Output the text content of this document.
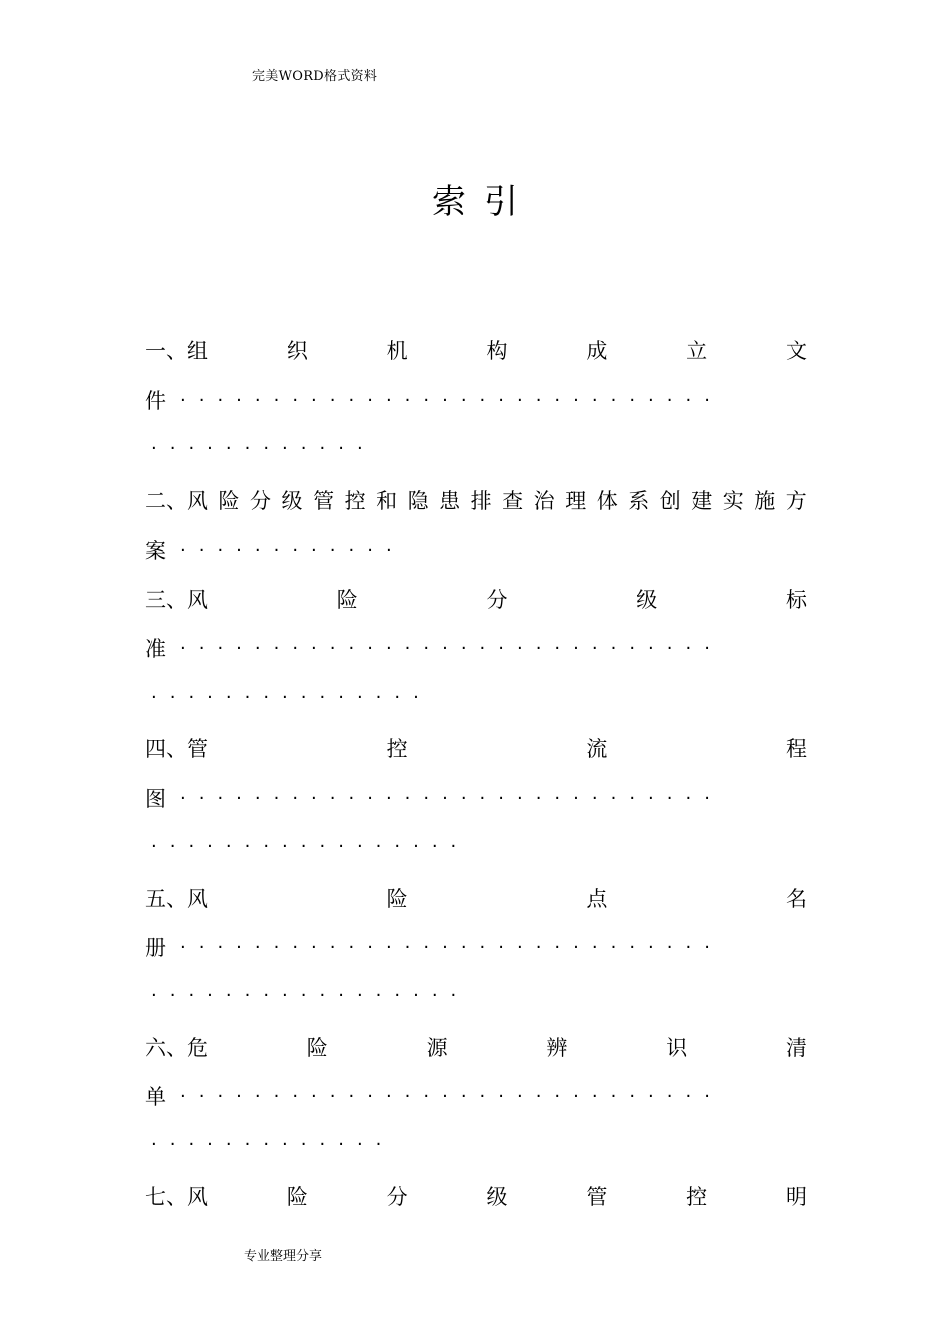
完美WORD格式资料
索引
一、组	织	机	构	成	立	文
件 ·····························
············
二、风 险 分 级 管 控 和 隐 患 排 查 治 理 体 系 创 建 实 施 方
案 ············
三、风	险	分	级	标
准 ·····························
···············
四、管	控	流	程
图 ·····························
·················
五、风	险	点	名
册 ·····························
·················
六、危	险	源	辨	识	清
单 ·····························
·············
七、风	险	分	级	管	控	明
专业整理分享
